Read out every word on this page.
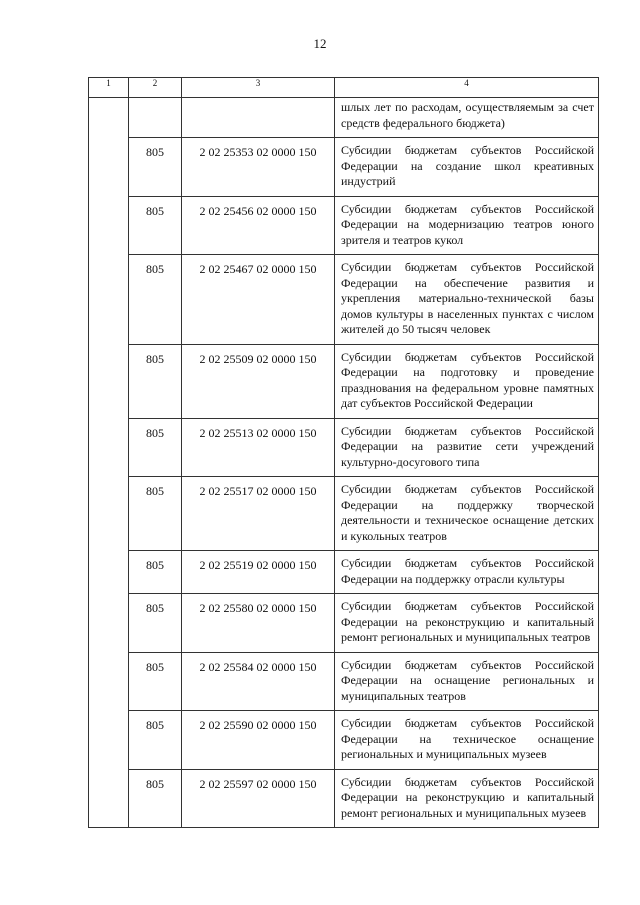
12
1	2	3	4
			шлых лет по расходам, осуществляемым за счет средств федерального бюджета)
	805	2 02 25353 02 0000 150	Субсидии бюджетам субъектов Российской Федерации на создание школ креативных индустрий
	805	2 02 25456 02 0000 150	Субсидии бюджетам субъектов Российской Федерации на модернизацию театров юного зрителя и театров кукол
	805	2 02 25467 02 0000 150	Субсидии бюджетам субъектов Российской Федерации на обеспечение развития и укрепления материально-технической базы домов культуры в населенных пунктах с числом жителей до 50 тысяч человек
	805	2 02 25509 02 0000 150	Субсидии бюджетам субъектов Российской Федерации на подготовку и проведение празднования на федеральном уровне памятных дат субъектов Российской Федерации
	805	2 02 25513 02 0000 150	Субсидии бюджетам субъектов Российской Федерации на развитие сети учреждений культурно-досугового типа
	805	2 02 25517 02 0000 150	Субсидии бюджетам субъектов Российской Федерации на поддержку творческой деятельности и техническое оснащение детских и кукольных театров
	805	2 02 25519 02 0000 150	Субсидии бюджетам субъектов Российской Федерации на поддержку отрасли культуры
	805	2 02 25580 02 0000 150	Субсидии бюджетам субъектов Российской Федерации на реконструкцию и капитальный ремонт региональных и муниципальных театров
	805	2 02 25584 02 0000 150	Субсидии бюджетам субъектов Российской Федерации на оснащение региональных и муниципальных театров
	805	2 02 25590 02 0000 150	Субсидии бюджетам субъектов Российской Федерации на техническое оснащение региональных и муниципальных музеев
	805	2 02 25597 02 0000 150	Субсидии бюджетам субъектов Российской Федерации на реконструкцию и капитальный ремонт региональных и муниципальных музеев
